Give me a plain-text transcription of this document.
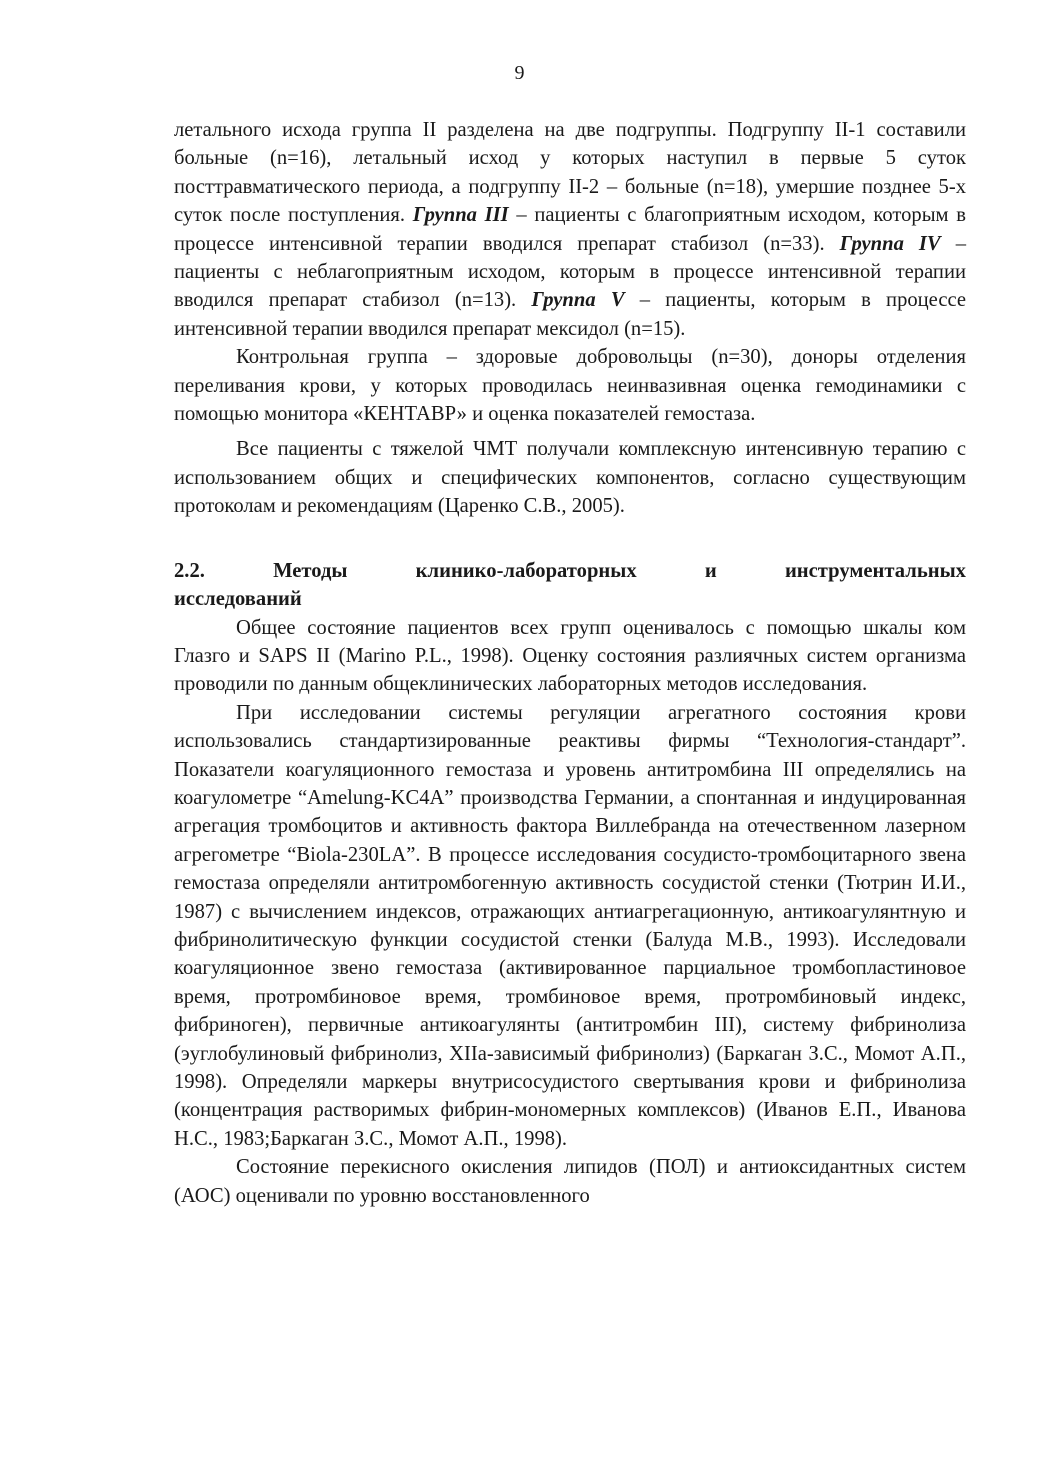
9

летального исхода группа II разделена на две подгруппы. Подгруппу II-1 составили больные (n=16), летальный исход у которых наступил в первые 5 суток посттравматического периода, а подгруппу II-2 – больные (n=18), умершие позднее 5-х суток после поступления. Группа III – пациенты с благоприятным исходом, которым в процессе интенсивной терапии вводился препарат стабизол (n=33). Группа IV – пациенты с неблагоприятным исходом, которым в процессе интенсивной терапии вводился препарат стабизол (n=13). Группа V – пациенты, которым в процессе интенсивной терапии вводился препарат мексидол (n=15).

Контрольная группа – здоровые добровольцы (n=30), доноры отделения переливания крови, у которых проводилась неинвазивная оценка гемодинамики с помощью монитора «КЕНТАВР» и оценка показателей гемостаза.

Все пациенты с тяжелой ЧМТ получали комплексную интенсивную терапию с использованием общих и специфических компонентов, согласно существующим протоколам и рекомендациям (Царенко С.В., 2005).

2.2.	Методы	клинико-лабораторных	и	инструментальных
исследований

Общее состояние пациентов всех групп оценивалось с помощью шкалы ком Глазго и SAPS II (Marino P.L., 1998). Оценку состояния разлиячных систем организма проводили по данным общеклинических лабораторных методов исследования.

При исследовании системы регуляции агрегатного состояния крови использовались стандартизированные реактивы фирмы “Технология-стандарт”. Показатели коагуляционного гемостаза и уровень антитромбина III определялись на коагулометре “Amelung-KC4A” производства Германии, а спонтанная и индуцированная агрегация тромбоцитов и активность фактора Виллебранда на отечественном лазерном агрегометре “Biola-230LA”. В процессе исследования сосудисто-тромбоцитарного звена гемостаза определяли антитромбогенную активность сосудистой стенки (Тютрин И.И., 1987) с вычислением индексов, отражающих антиагрегационную, антикоагулянтную и фибринолитическую функции сосудистой стенки (Балуда М.В., 1993). Исследовали коагуляционное звено гемостаза (активированное парциальное тромбопластиновое время, протромбиновое время, тромбиновое время, протромбиновый индекс, фибриноген), первичные антикоагулянты (антитромбин III), систему фибринолиза (эуглобулиновый фибринолиз, XIIa-зависимый фибринолиз) (Баркаган З.С., Момот А.П., 1998). Определяли маркеры внутрисосудистого свертывания крови и фибринолиза (концентрация растворимых фибрин-мономерных комплексов) (Иванов Е.П., Иванова Н.С., 1983;Баркаган З.С., Момот А.П., 1998).

Состояние перекисного окисления липидов (ПОЛ) и антиоксидантных систем (АОС) оценивали по уровню восстановленного
